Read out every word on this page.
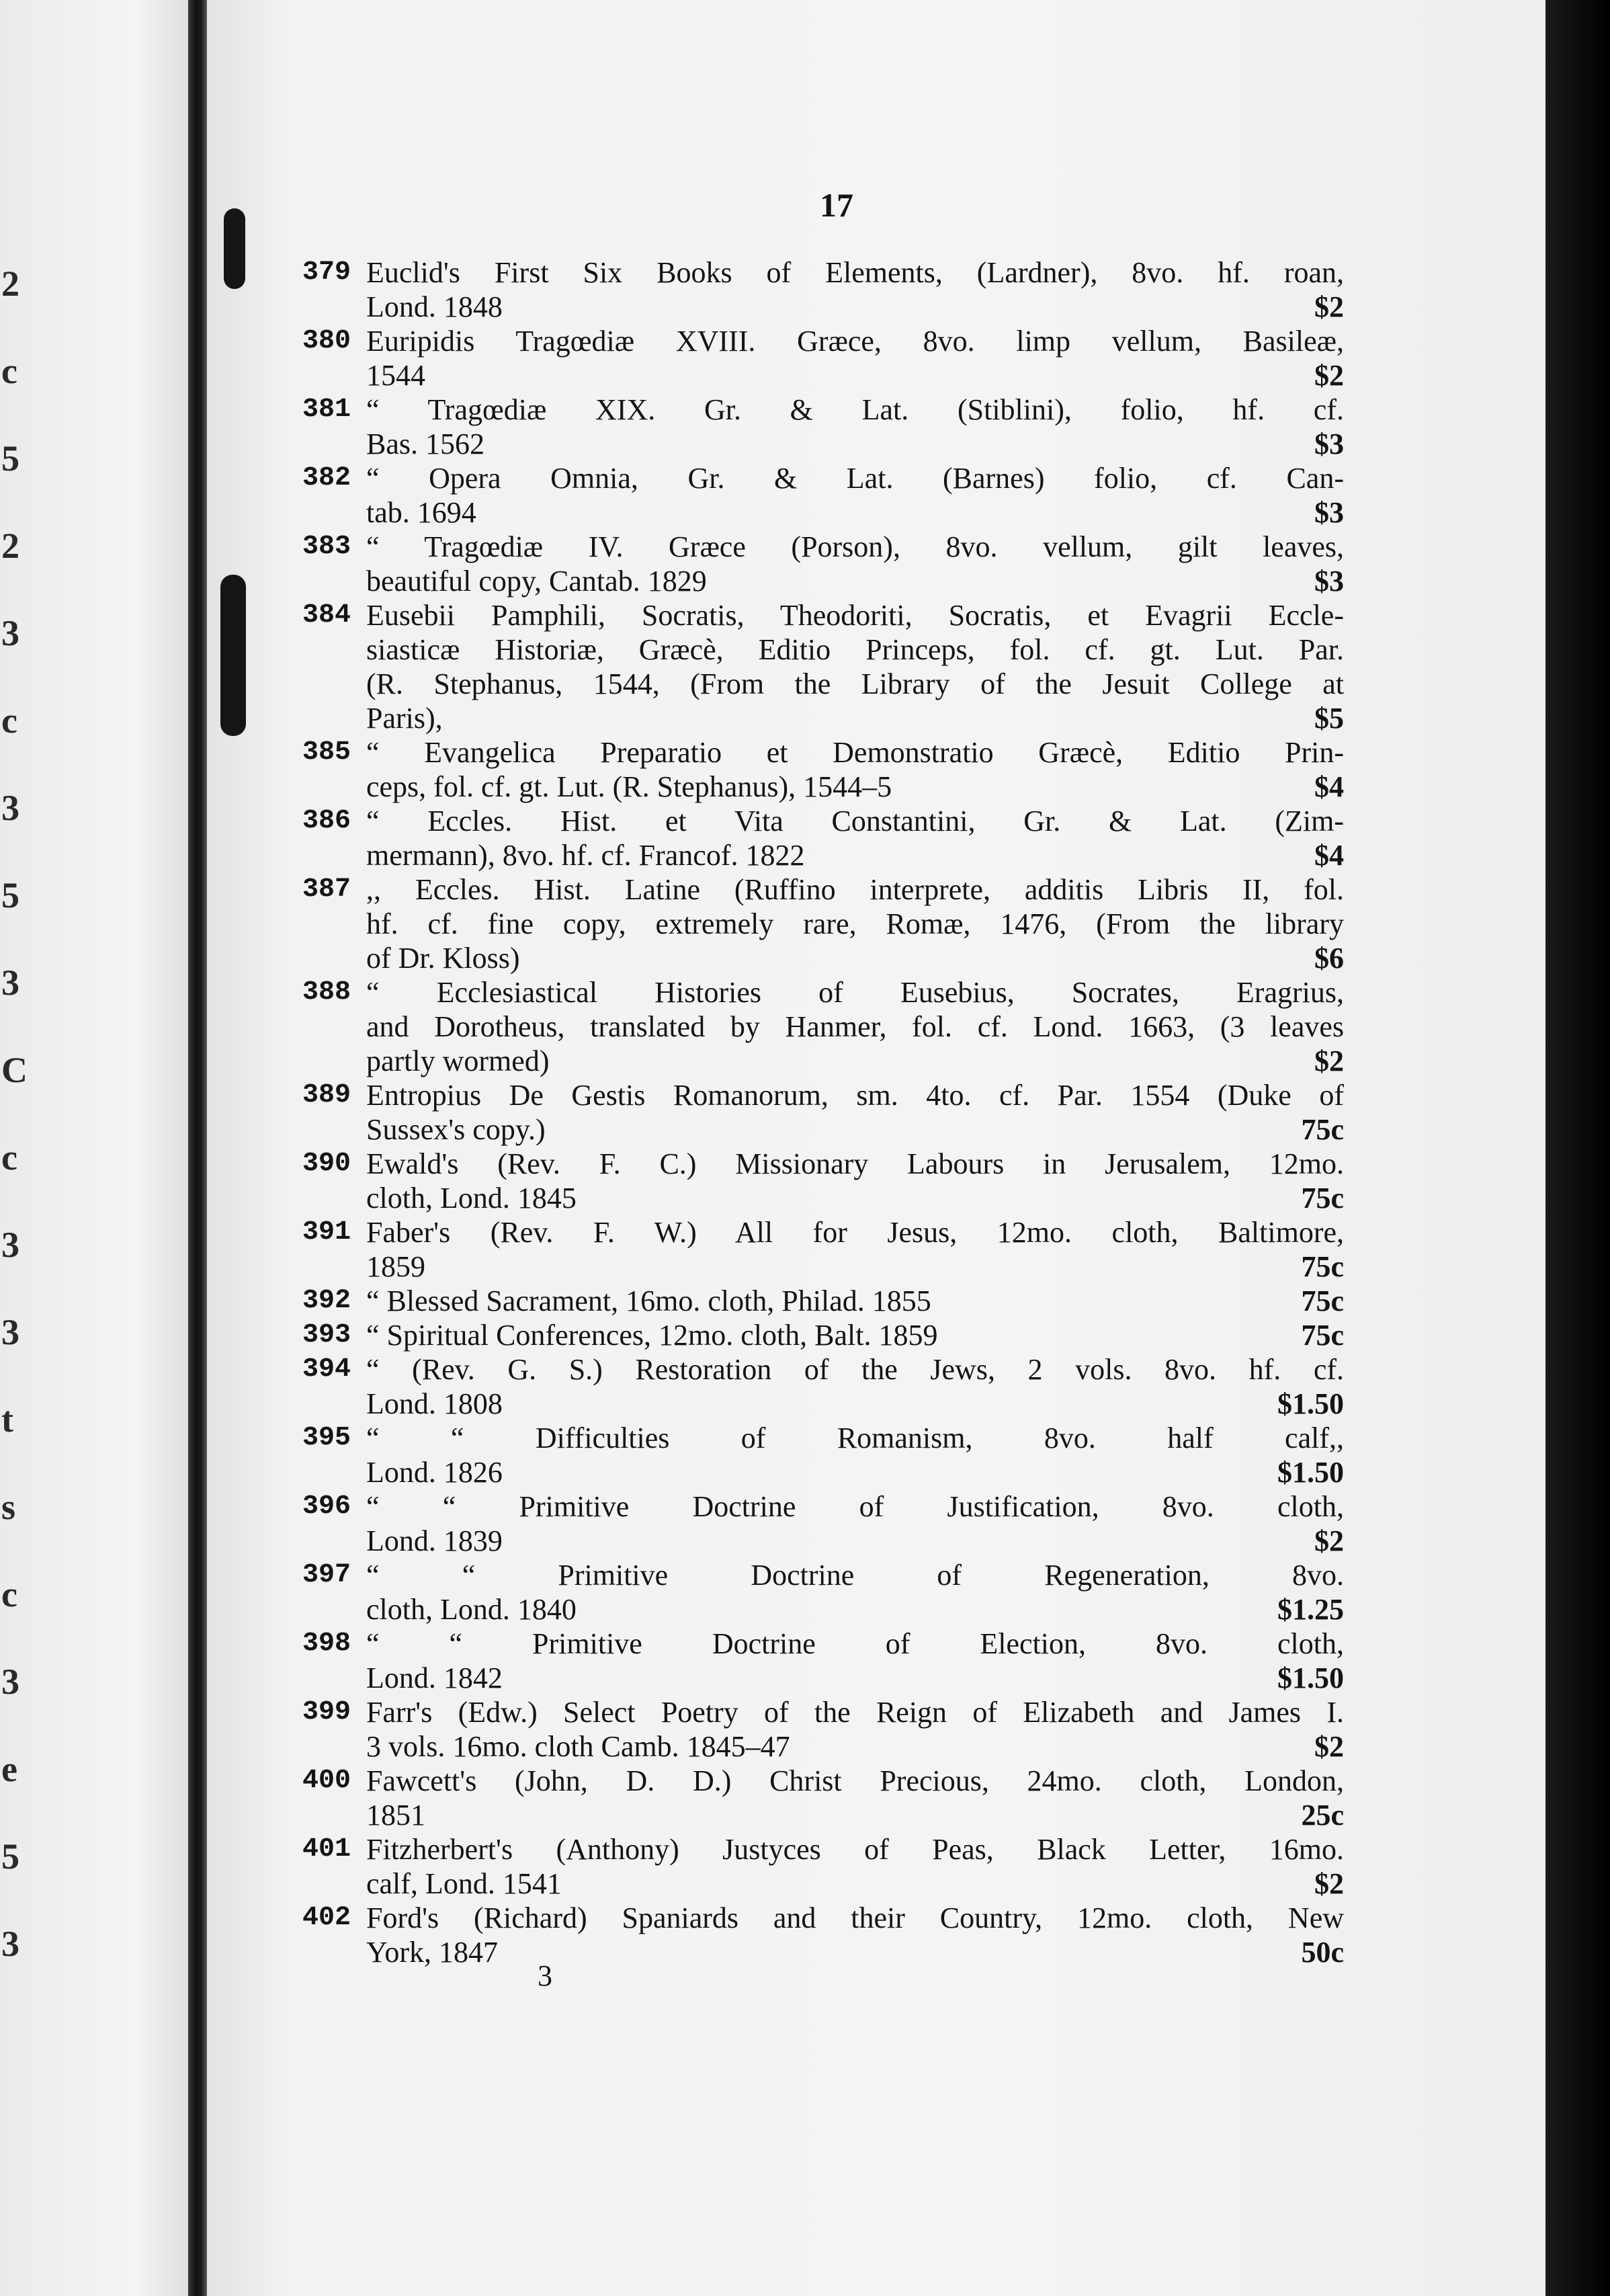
2
c
5
2
3
c
3
5
3
C
c
3
3
t
s
c
3
e
5
3
17
379 Euclid's First Six Books of Elements, (Lardner), 8vo. hf. roan,
$2
Lond. 1848
380 Euripidis Tragœdiæ XVIII. Græce, 8vo. limp vellum, Basileæ,
$2
1544
381 “ Tragœdiæ XIX. Gr. & Lat. (Stiblini), folio, hf. cf.
$3
Bas. 1562
382 “ Opera Omnia, Gr. & Lat. (Barnes) folio, cf. Can-
$3
tab. 1694
383 “ Tragœdiæ IV. Græce (Porson), 8vo. vellum, gilt leaves,
$3
beautiful copy, Cantab. 1829
384 Eusebii Pamphili, Socratis, Theodoriti, Socratis, et Evagrii Eccle-
siasticæ Historiæ, Græcè, Editio Princeps, fol. cf. gt. Lut. Par.
(R. Stephanus, 1544, (From the Library of the Jesuit College at
$5
Paris),
385 “ Evangelica Preparatio et Demonstratio Græcè, Editio Prin-
$4
ceps, fol. cf. gt. Lut. (R. Stephanus), 1544–5
386 “ Eccles. Hist. et Vita Constantini, Gr. & Lat. (Zim-
$4
mermann), 8vo. hf. cf. Francof. 1822
387 ,, Eccles. Hist. Latine (Ruffino interprete, additis Libris II, fol.
hf. cf. fine copy, extremely rare, Romæ, 1476, (From the library
$6
of Dr. Kloss)
388 “ Ecclesiastical Histories of Eusebius, Socrates, Eragrius,
and Dorotheus, translated by Hanmer, fol. cf. Lond. 1663, (3 leaves
$2
partly wormed)
389 Entropius De Gestis Romanorum, sm. 4to. cf. Par. 1554 (Duke of
75c
Sussex's copy.)
390 Ewald's (Rev. F. C.) Missionary Labours in Jerusalem, 12mo.
75c
cloth, Lond. 1845
391 Faber's (Rev. F. W.) All for Jesus, 12mo. cloth, Baltimore,
75c
1859
392	75c
“ Blessed Sacrament, 16mo. cloth, Philad. 1855
393	75c
“ Spiritual Conferences, 12mo. cloth, Balt. 1859
394 “ (Rev. G. S.) Restoration of the Jews, 2 vols. 8vo. hf. cf.
$1.50
Lond. 1808
395 “ “ Difficulties of Romanism, 8vo. half calf,,
$1.50
Lond. 1826
396 “ “ Primitive Doctrine of Justification, 8vo. cloth,
$2
Lond. 1839
397 “ “ Primitive Doctrine of Regeneration, 8vo.
$1.25
cloth, Lond. 1840
398 “ “ Primitive Doctrine of Election, 8vo. cloth,
$1.50
Lond. 1842
399 Farr's (Edw.) Select Poetry of the Reign of Elizabeth and James I.
$2
3 vols. 16mo. cloth Camb. 1845–47
400 Fawcett's (John, D. D.) Christ Precious, 24mo. cloth, London,
25c
1851
401 Fitzherbert's (Anthony) Justyces of Peas, Black Letter, 16mo.
$2
calf, Lond. 1541
402 Ford's (Richard) Spaniards and their Country, 12mo. cloth, New
50c
York, 1847
3
